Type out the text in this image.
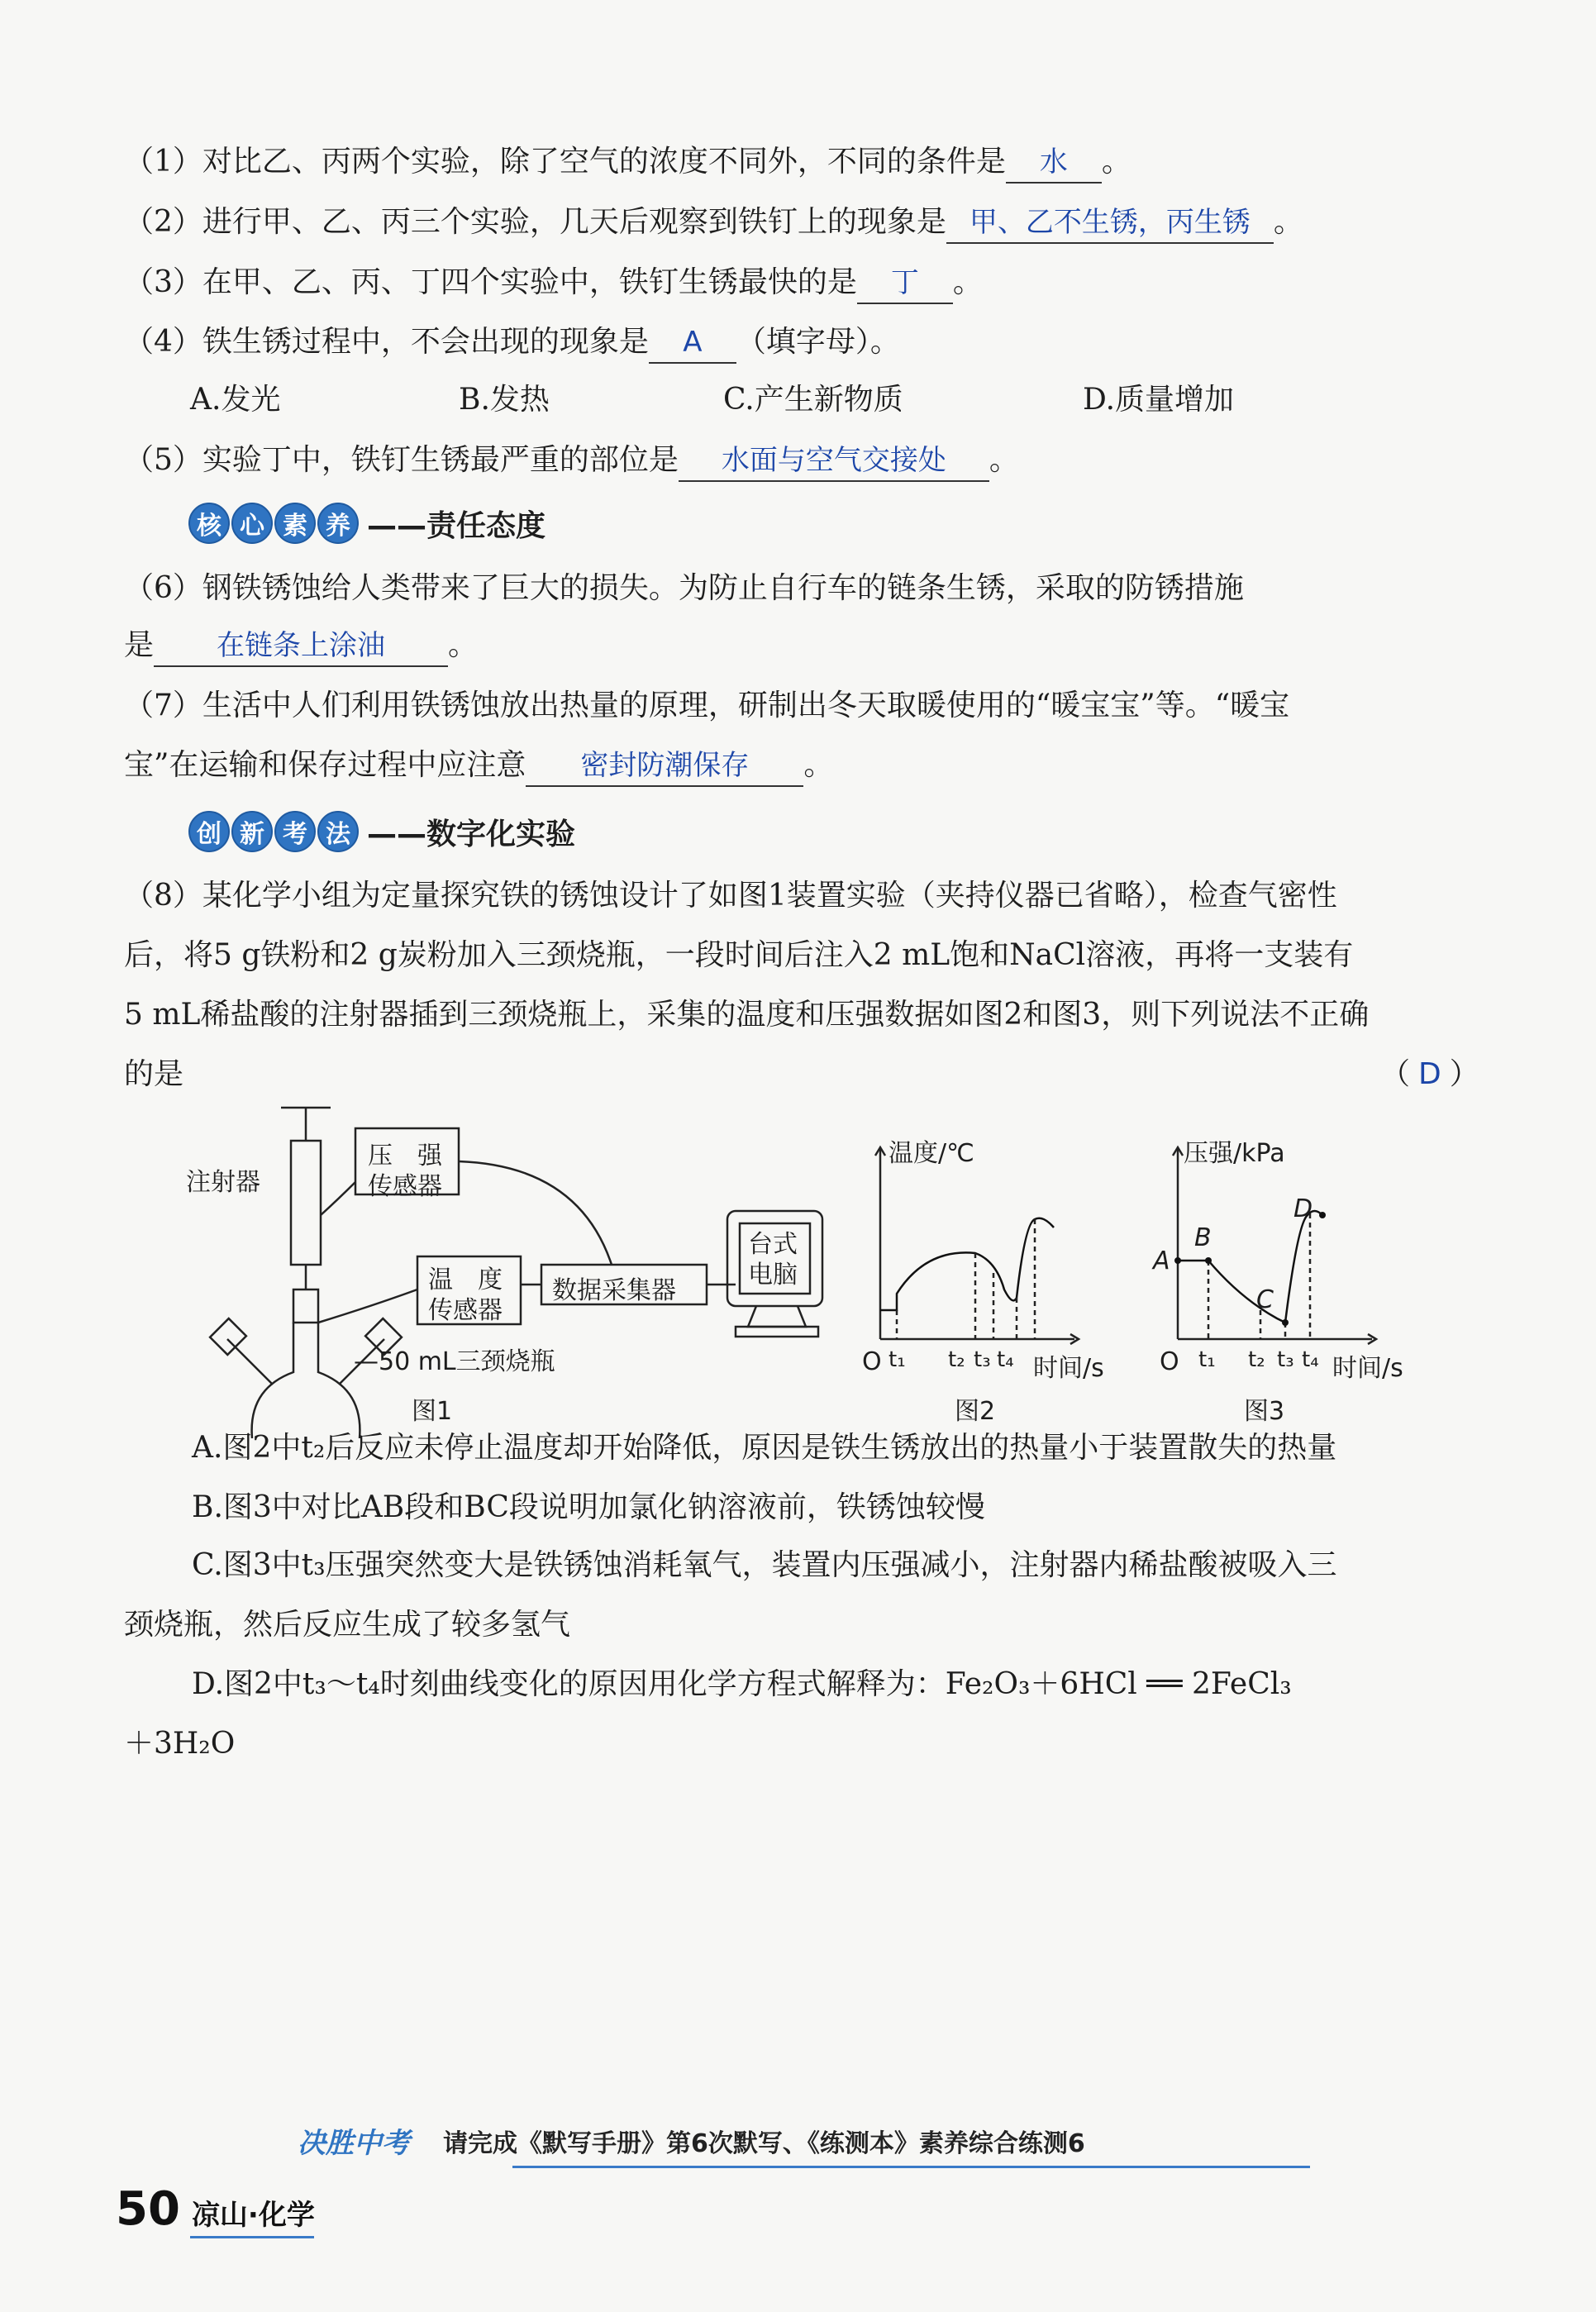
（1）对比乙、丙两个实验，除了空气的浓度不同外，不同的条件是 水 。
（2）进行甲、乙、丙三个实验，几天后观察到铁钉上的现象是 甲、乙不生锈，丙生锈 。
（3）在甲、乙、丙、丁四个实验中，铁钉生锈最快的是 丁 。
（4）铁生锈过程中，不会出现的现象是 A （填字母）。
A.发光	B.发热	C.产生新物质	D.质量增加
（5）实验丁中，铁钉生锈最严重的部位是 水面与空气交接处 。
核 心 素 养 ——责任态度
（6）钢铁锈蚀给人类带来了巨大的损失。为防止自行车的链条生锈，采取的防锈措施
是 在链条上涂油 。
（7）生活中人们利用铁锈蚀放出热量的原理，研制出冬天取暖使用的“暖宝宝”等。“暖宝
宝”在运输和保存过程中应注意 密封防潮保存 。
创 新 考 法 ——数字化实验
（8）某化学小组为定量探究铁的锈蚀设计了如图1装置实验（夹持仪器已省略），检查气密性
后，将5 g铁粉和2 g炭粉加入三颈烧瓶，一段时间后注入2 mL饱和NaCl溶液，再将一支装有
5 mL稀盐酸的注射器插到三颈烧瓶上，采集的温度和压强数据如图2和图3，则下列说法不正确
的是	（ D ）
注射器
压　强
传感器
温　度
传感器
数据采集器
台式
电脑
—50 mL三颈烧瓶
图1
温度/℃
时间/s
O t₁ t₂ t₃ t₄
图2
压强/kPa
时间/s
O t₁ t₂ t₃ t₄
A
B
C
D
图3
A.图2中t₂后反应未停止温度却开始降低，原因是铁生锈放出的热量小于装置散失的热量
B.图3中对比AB段和BC段说明加氯化钠溶液前，铁锈蚀较慢
C.图3中t₃压强突然变大是铁锈蚀消耗氧气，装置内压强减小，注射器内稀盐酸被吸入三
颈烧瓶，然后反应生成了较多氢气
D.图2中t₃～t₄时刻曲线变化的原因用化学方程式解释为：Fe₂O₃＋6HCl ══ 2FeCl₃
＋3H₂O
决胜中考 请完成《默写手册》第6次默写、《练测本》素养综合练测6
50 凉山·化学
